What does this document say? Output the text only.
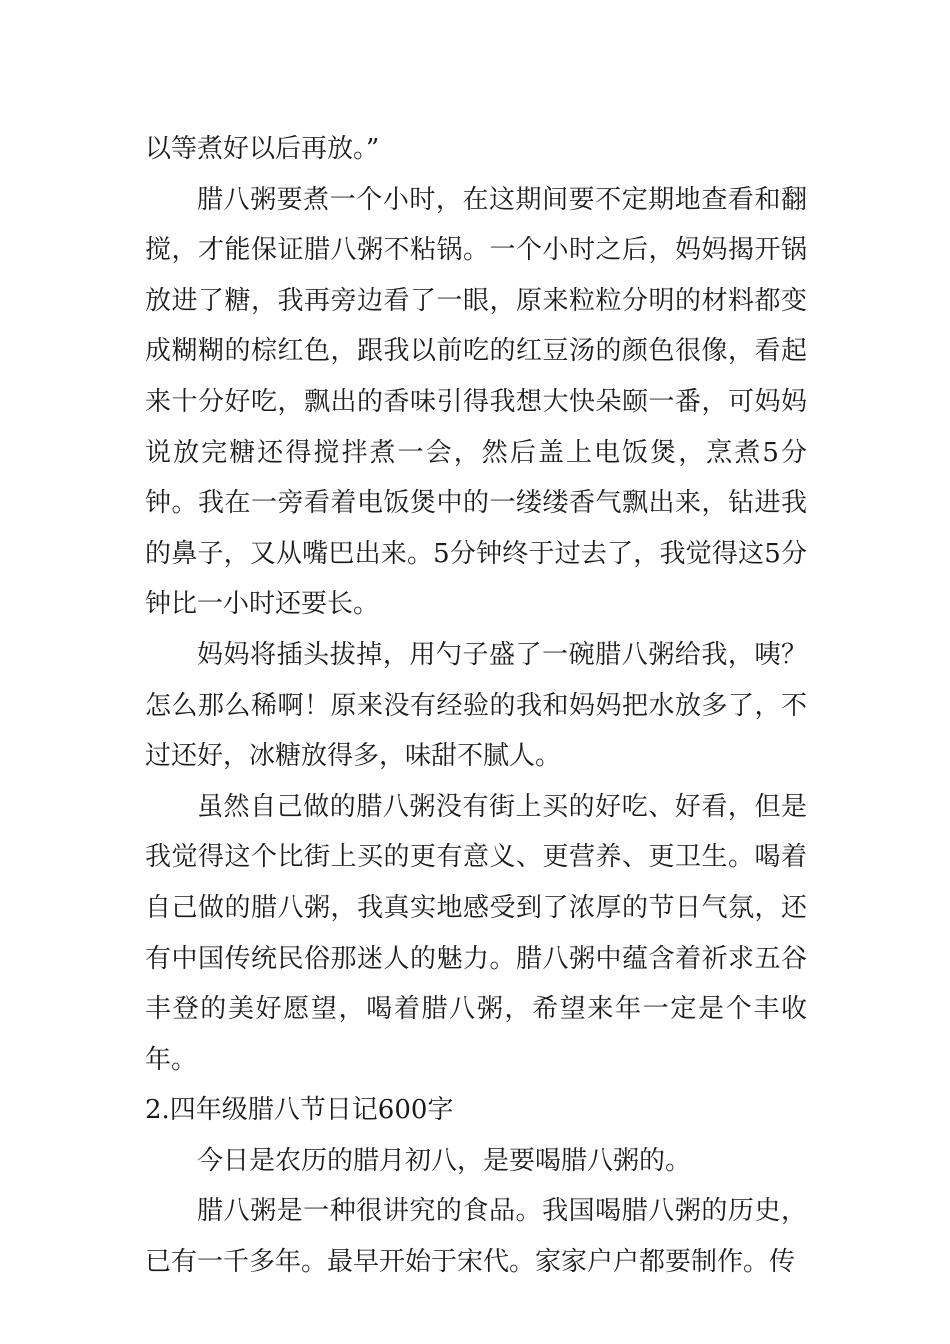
以等煮好以后再放。”

腊八粥要煮一个小时，在这期间要不定期地查看和翻搅，才能保证腊八粥不粘锅。一个小时之后，妈妈揭开锅放进了糖，我再旁边看了一眼，原来粒粒分明的材料都变成糊糊的棕红色，跟我以前吃的红豆汤的颜色很像，看起来十分好吃，飘出的香味引得我想大快朵颐一番，可妈妈说放完糖还得搅拌煮一会，然后盖上电饭煲，烹煮5分钟。我在一旁看着电饭煲中的一缕缕香气飘出来，钻进我的鼻子，又从嘴巴出来。5分钟终于过去了，我觉得这5分钟比一小时还要长。

妈妈将插头拔掉，用勺子盛了一碗腊八粥给我，咦？怎么那么稀啊！原来没有经验的我和妈妈把水放多了，不过还好，冰糖放得多，味甜不腻人。

虽然自己做的腊八粥没有街上买的好吃、好看，但是我觉得这个比街上买的更有意义、更营养、更卫生。喝着自己做的腊八粥，我真实地感受到了浓厚的节日气氛，还有中国传统民俗那迷人的魅力。腊八粥中蕴含着祈求五谷丰登的美好愿望，喝着腊八粥，希望来年一定是个丰收年。

2.四年级腊八节日记600字

今日是农历的腊月初八，是要喝腊八粥的。

腊八粥是一种很讲究的食品。我国喝腊八粥的历史，已有一千多年。最早开始于宋代。家家户户都要制作。传
